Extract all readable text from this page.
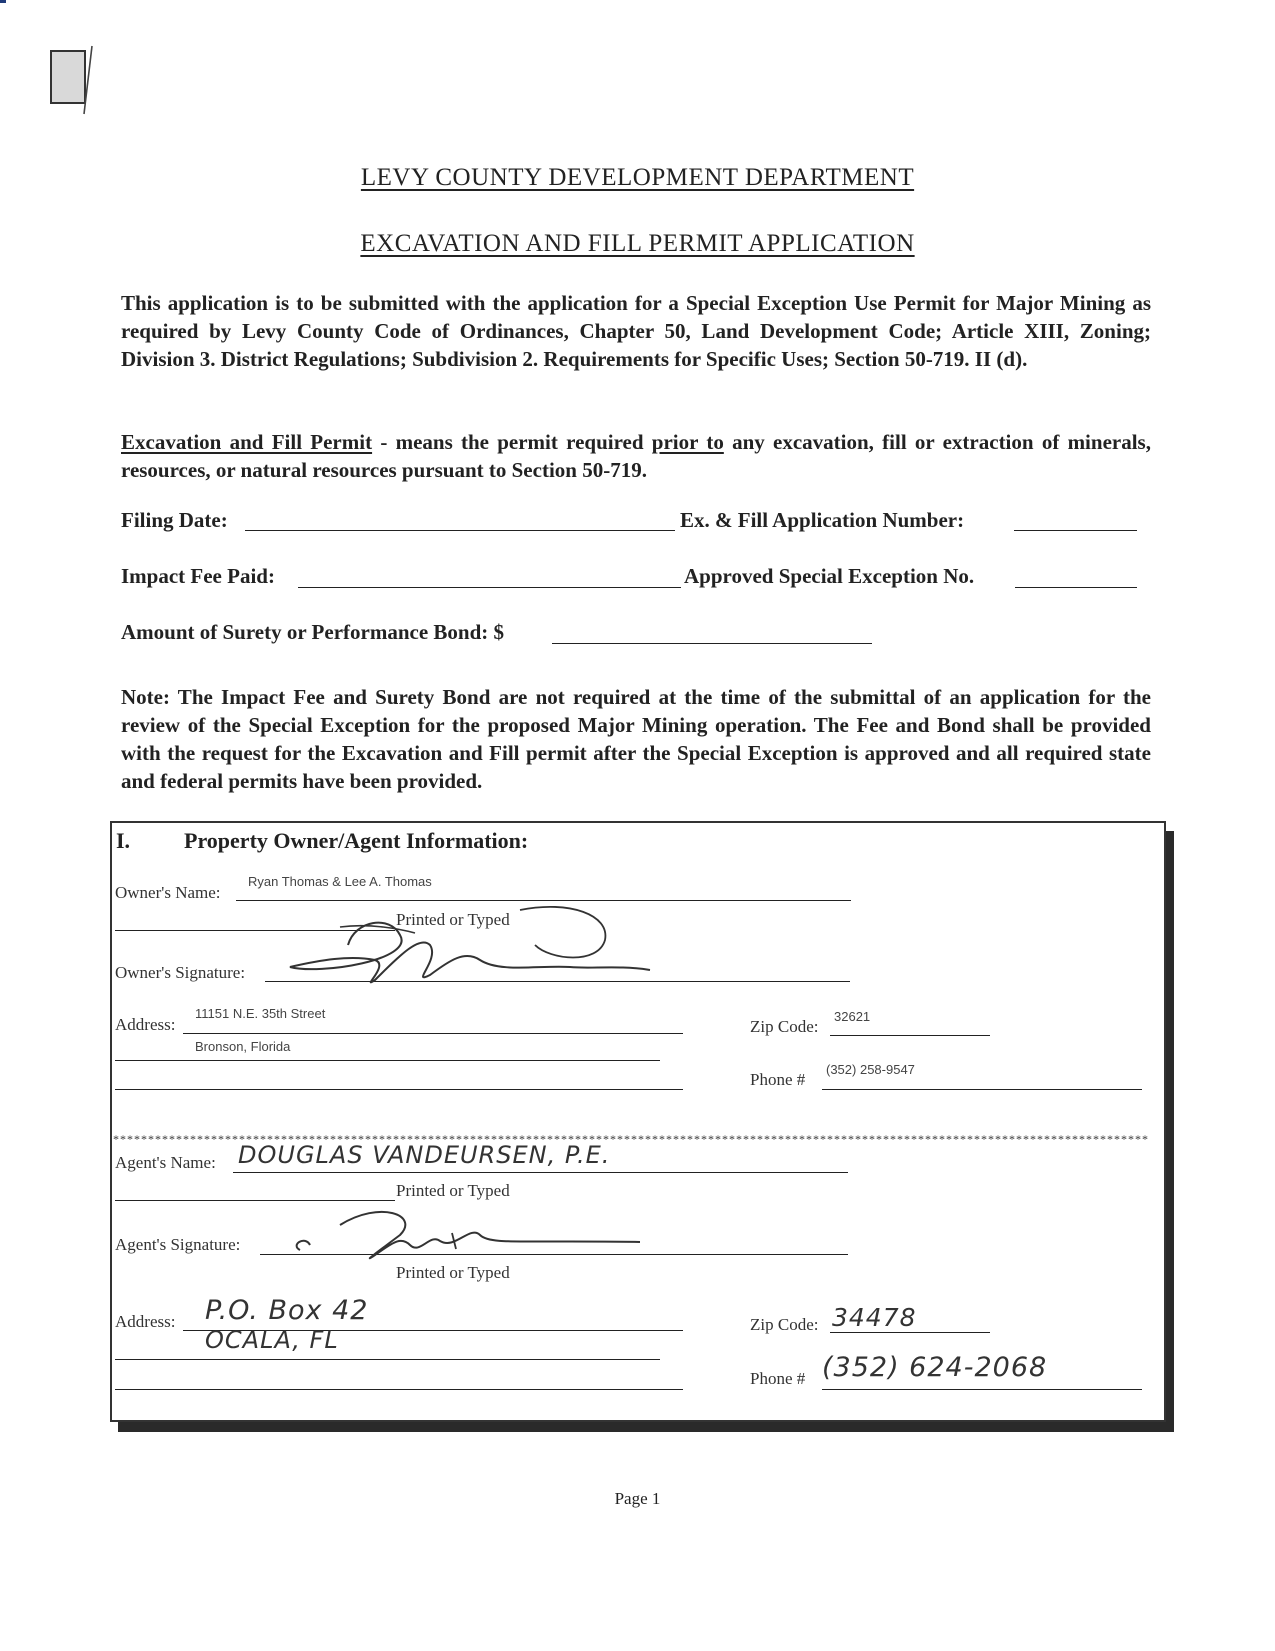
LEVY COUNTY DEVELOPMENT DEPARTMENT
EXCAVATION AND FILL PERMIT APPLICATION
This application is to be submitted with the application for a Special Exception Use Permit for Major Mining as required by Levy County Code of Ordinances, Chapter 50, Land Development Code; Article XIII, Zoning; Division 3. District Regulations; Subdivision 2. Requirements for Specific Uses; Section 50-719. II (d).
Excavation and Fill Permit - means the permit required prior to any excavation, fill or extraction of minerals, resources, or natural resources pursuant to Section 50-719.
Filing Date:	Ex. & Fill Application Number:
Impact Fee Paid:	Approved Special Exception No.
Amount of Surety or Performance Bond: $
Note: The Impact Fee and Surety Bond are not required at the time of the submittal of an application for the review of the Special Exception for the proposed Major Mining operation. The Fee and Bond shall be provided with the request for the Excavation and Fill permit after the Special Exception is approved and all required state and federal permits have been provided.
I. Property Owner/Agent Information:
Ryan Thomas & Lee A. Thomas
Owner's Name:
Printed or Typed
Owner's Signature:
11151 N.E. 35th Street
Address:
Bronson, Florida
Zip Code:
32621
Phone #
(352) 258-9547
****************************************************************************************************************************************************
Agent's Name: DOUGLAS VANDEURSEN, P.E.
Printed or Typed
Agent's Signature:
Printed or Typed
Address: P.O. Box 42
OCALA, FL
Zip Code: 34478
Phone # (352) 624-2068
Page 1
